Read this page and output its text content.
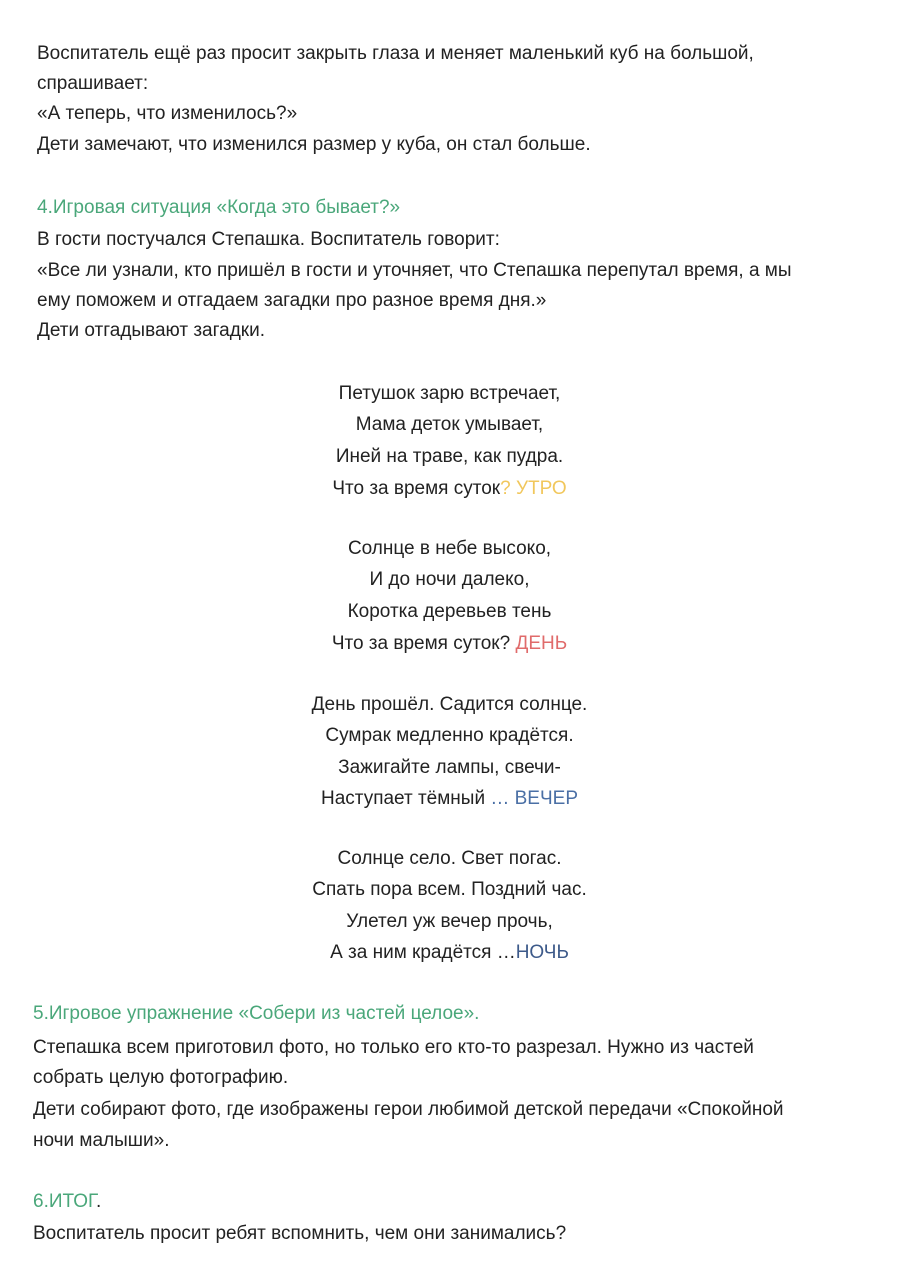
Воспитатель ещё раз просит закрыть глаза и меняет маленький куб на большой,
спрашивает:
«А теперь, что изменилось?»
Дети замечают, что изменился размер у куба, он стал больше.
4.Игровая ситуация «Когда это бывает?»
В гости постучался Степашка. Воспитатель говорит:
«Все ли узнали, кто пришёл в гости и уточняет, что Степашка перепутал время, а мы
ему поможем и отгадаем загадки про разное время дня.»
Дети отгадывают загадки.
Петушок зарю встречает,
Мама деток умывает,
Иней на траве, как пудра.
Что за время суток? УТРО
Солнце в небе высоко,
И до ночи далеко,
Коротка деревьев тень
Что за время суток? ДЕНЬ
День прошёл. Садится солнце.
Сумрак медленно крадётся.
Зажигайте лампы, свечи-
Наступает тёмный … ВЕЧЕР
Солнце село. Свет погас.
Спать пора всем. Поздний час.
Улетел уж вечер прочь,
А за ним крадётся …НОЧЬ
5.Игровое упражнение «Собери из частей целое».
Степашка всем приготовил фото, но только его кто-то разрезал. Нужно из частей
собрать целую фотографию.
Дети собирают фото, где изображены герои любимой детской передачи «Спокойной
ночи малыши».
6.ИТОГ.
Воспитатель просит ребят вспомнить, чем они занимались?
